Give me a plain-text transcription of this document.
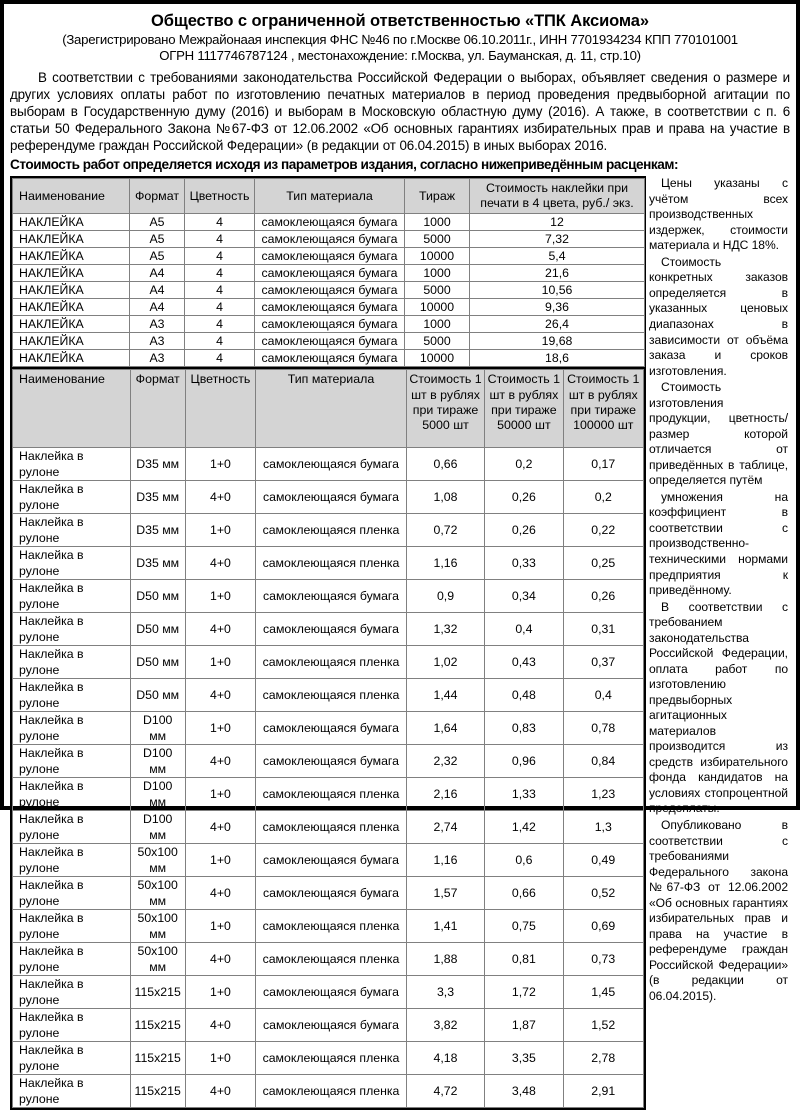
Общество с ограниченной ответственностью «ТПК Аксиома»
(Зарегистрировано Межрайонаая инспекция ФНС №46 по г.Москве 06.10.2011г., ИНН 7701934234 КПП 770101001
ОГРН 1117746787124 , местонахождение: г.Москва, ул. Бауманская, д. 11, стр.10)
В соответствии с требованиями законодательства Российской Федерации о выборах, объявляет сведения о размере и других условиях оплаты работ по изготовлению печатных материалов в период проведения предвыборной агитации по выборам в Государственную думу (2016) и выборам в Московскую областную думу (2016). А также, в соответствии с п. 6 статьи 50 Федерального Закона №67-ФЗ от 12.06.2002 «Об основных гарантиях избирательных прав и права на участие в референдуме граждан Российской Федерации» (в редакции от 06.04.2015) в иных выборах 2016.
Стоимость работ определяется исходя из параметров издания, согласно нижеприведённым расценкам:
Наименование	Формат	Цветность	Тип материала	Тираж	Стоимость наклейки при печати в 4 цвета, руб./ экз.
НАКЛЕЙКА	А5	4	самоклеющаяся бумага	1000	12
НАКЛЕЙКА	А5	4	самоклеющаяся бумага	5000	7,32
НАКЛЕЙКА	А5	4	самоклеющаяся бумага	10000	5,4
НАКЛЕЙКА	А4	4	самоклеющаяся бумага	1000	21,6
НАКЛЕЙКА	А4	4	самоклеющаяся бумага	5000	10,56
НАКЛЕЙКА	А4	4	самоклеющаяся бумага	10000	9,36
НАКЛЕЙКА	А3	4	самоклеющаяся бумага	1000	26,4
НАКЛЕЙКА	А3	4	самоклеющаяся бумага	5000	19,68
НАКЛЕЙКА	А3	4	самоклеющаяся бумага	10000	18,6
Наименование	Формат	Цветность	Тип материала	Стоимость 1 шт в рублях при тираже 5000 шт	Стоимость 1 шт в рублях при тираже 50000 шт	Стоимость 1 шт в рублях при тираже 100000 шт
Наклейка в рулоне	D35 мм	1+0	самоклеющаяся бумага	0,66	0,2	0,17
Наклейка в рулоне	D35 мм	4+0	самоклеющаяся бумага	1,08	0,26	0,2
Наклейка в рулоне	D35 мм	1+0	самоклеющаяся пленка	0,72	0,26	0,22
Наклейка в рулоне	D35 мм	4+0	самоклеющаяся пленка	1,16	0,33	0,25
Наклейка в рулоне	D50 мм	1+0	самоклеющаяся бумага	0,9	0,34	0,26
Наклейка в рулоне	D50 мм	4+0	самоклеющаяся бумага	1,32	0,4	0,31
Наклейка в рулоне	D50 мм	1+0	самоклеющаяся пленка	1,02	0,43	0,37
Наклейка в рулоне	D50 мм	4+0	самоклеющаяся пленка	1,44	0,48	0,4
Наклейка в рулоне	D100 мм	1+0	самоклеющаяся бумага	1,64	0,83	0,78
Наклейка в рулоне	D100 мм	4+0	самоклеющаяся бумага	2,32	0,96	0,84
Наклейка в рулоне	D100 мм	1+0	самоклеющаяся пленка	2,16	1,33	1,23
Наклейка в рулоне	D100 мм	4+0	самоклеющаяся пленка	2,74	1,42	1,3
Наклейка в рулоне	50x100 мм	1+0	самоклеющаяся бумага	1,16	0,6	0,49
Наклейка в рулоне	50x100 мм	4+0	самоклеющаяся бумага	1,57	0,66	0,52
Наклейка в рулоне	50x100 мм	1+0	самоклеющаяся пленка	1,41	0,75	0,69
Наклейка в рулоне	50x100 мм	4+0	самоклеющаяся пленка	1,88	0,81	0,73
Наклейка в рулоне	115х215	1+0	самоклеющаяся бумага	3,3	1,72	1,45
Наклейка в рулоне	115х215	4+0	самоклеющаяся бумага	3,82	1,87	1,52
Наклейка в рулоне	115х215	1+0	самоклеющаяся пленка	4,18	3,35	2,78
Наклейка в рулоне	115х215	4+0	самоклеющаяся пленка	4,72	3,48	2,91

Цены указаны с учётом всех производственных издержек, стоимости материала и НДС 18%.

Стоимость конкретных заказов определяется в указанных ценовых диапазонах в зависимости от объёма заказа и сроков изготовления.

Стоимость изготовления продукции, цветность/размер которой отличается от приведённых в таблице, определяется путём

умножения на коэффициент в соответствии с производственно-техническими нормами предприятия к приведённому.

В соответствии с требованием законодательства Российской Федерации, оплата работ по изготовлению предвыборных агитационных материалов производится из средств избирательного фонда кандидатов на условиях стопроцентной предоплаты.

Опубликовано в соответствии с требованиями Федерального закона №67-ФЗ от 12.06.2002 «Об основных гарантиях избирательных прав и права на участие в референдуме граждан Российской Федерации» (в редакции от 06.04.2015).
